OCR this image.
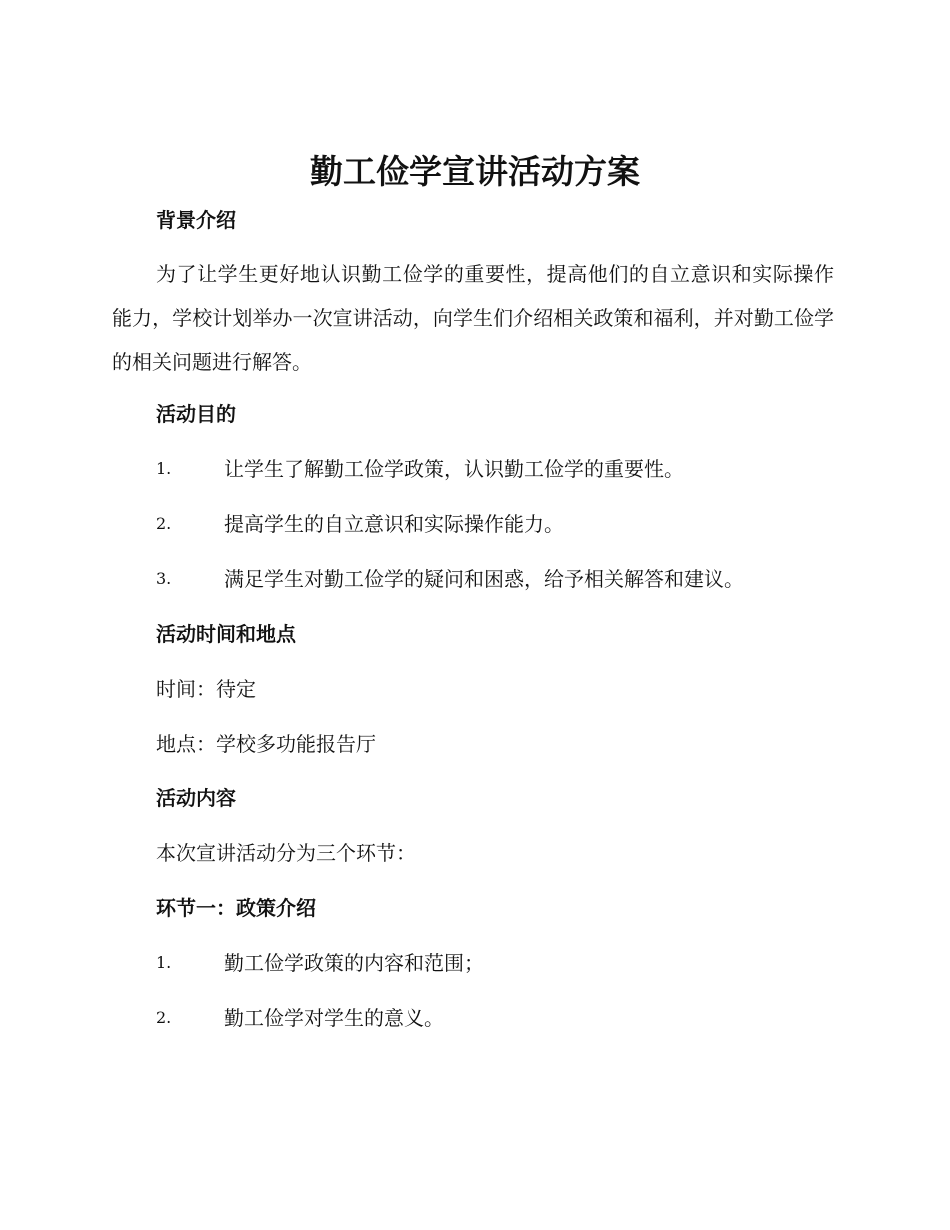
勤工俭学宣讲活动方案
背景介绍
为了让学生更好地认识勤工俭学的重要性，提高他们的自立意识和实际操作能力，学校计划举办一次宣讲活动，向学生们介绍相关政策和福利，并对勤工俭学的相关问题进行解答。
活动目的
1.	让学生了解勤工俭学政策，认识勤工俭学的重要性。
2.	提高学生的自立意识和实际操作能力。
3.	满足学生对勤工俭学的疑问和困惑，给予相关解答和建议。
活动时间和地点
时间：待定
地点：学校多功能报告厅
活动内容
本次宣讲活动分为三个环节：
环节一：政策介绍
1.	勤工俭学政策的内容和范围；
2.	勤工俭学对学生的意义。
